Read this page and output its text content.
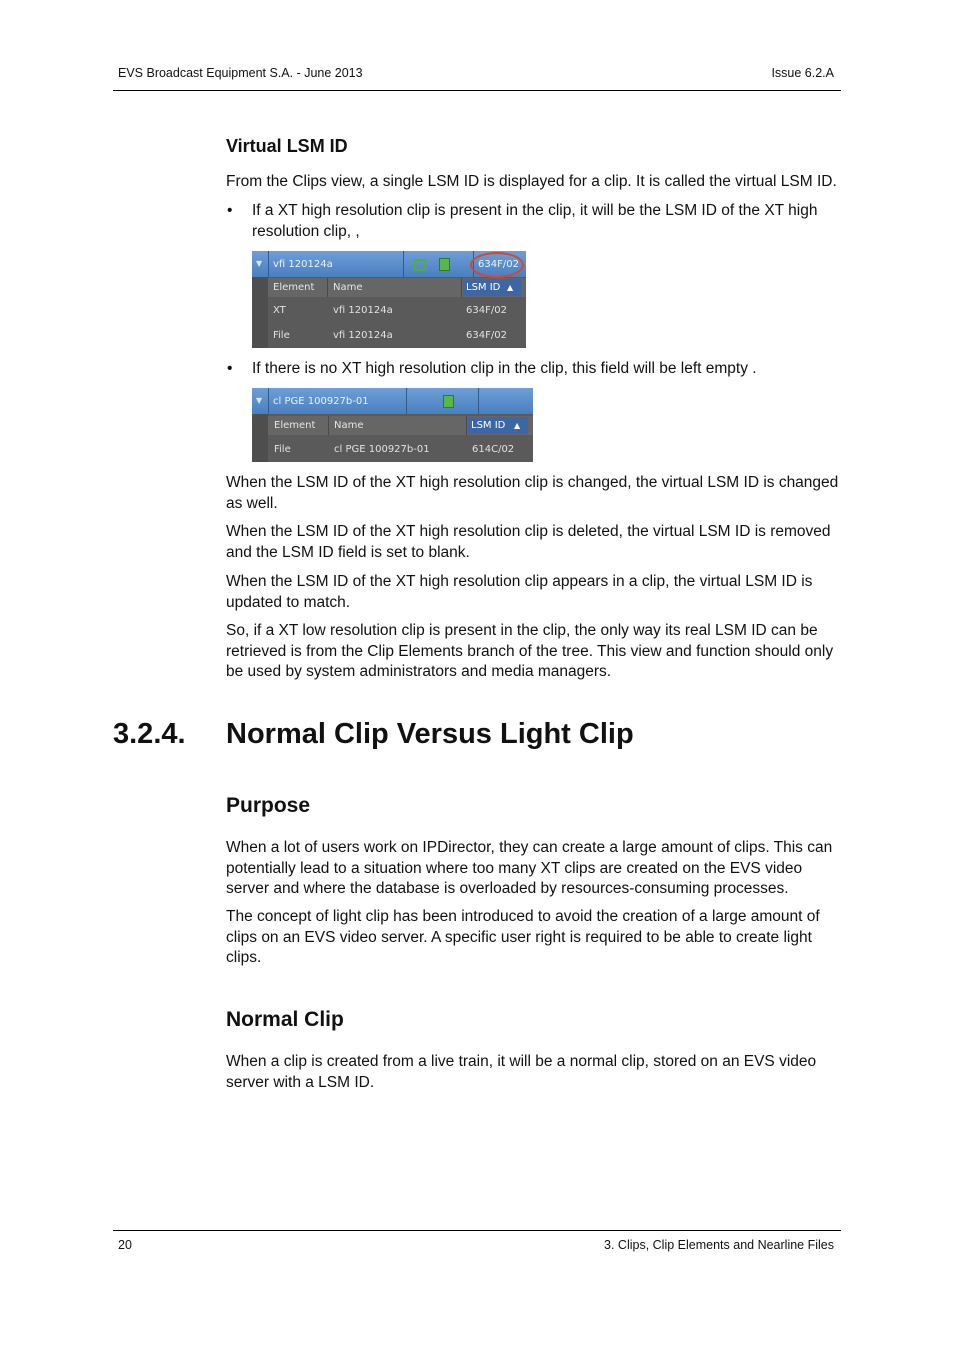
EVS Broadcast Equipment S.A. - June 2013	Issue 6.2.A
Virtual LSM ID

From the Clips view, a single LSM ID is displayed for a clip. It is called the virtual LSM ID.

• If a XT high resolution clip is present in the clip, it will be the LSM ID of the XT high resolution clip, ,

▼	vfi 120124a	634F/02
Element Name	LSM ID ▲
XT	vfi 120124a	634F/02
File	vfi 120124a	634F/02
• If there is no XT high resolution clip in the clip, this field will be left empty .

▼	cl PGE 100927b-01
Element Name	LSM ID ▲
File	cl PGE 100927b-01	614C/02

When the LSM ID of the XT high resolution clip is changed, the virtual LSM ID is changed as well.

When the LSM ID of the XT high resolution clip is deleted, the virtual LSM ID is removed and the LSM ID field is set to blank.

When the LSM ID of the XT high resolution clip appears in a clip, the virtual LSM ID is updated to match.

So, if a XT low resolution clip is present in the clip, the only way its real LSM ID can be retrieved is from the Clip Elements branch of the tree. This view and function should only be used by system administrators and media managers.

3.2.4. Normal Clip Versus Light Clip
Purpose

When a lot of users work on IPDirector, they can create a large amount of clips. This can potentially lead to a situation where too many XT clips are created on the EVS video server and where the database is overloaded by resources-consuming processes.

The concept of light clip has been introduced to avoid the creation of a large amount of clips on an EVS video server. A specific user right is required to be able to create light clips.

Normal Clip

When a clip is created from a live train, it will be a normal clip, stored on an EVS video server with a LSM ID.

20	3. Clips, Clip Elements and Nearline Files
